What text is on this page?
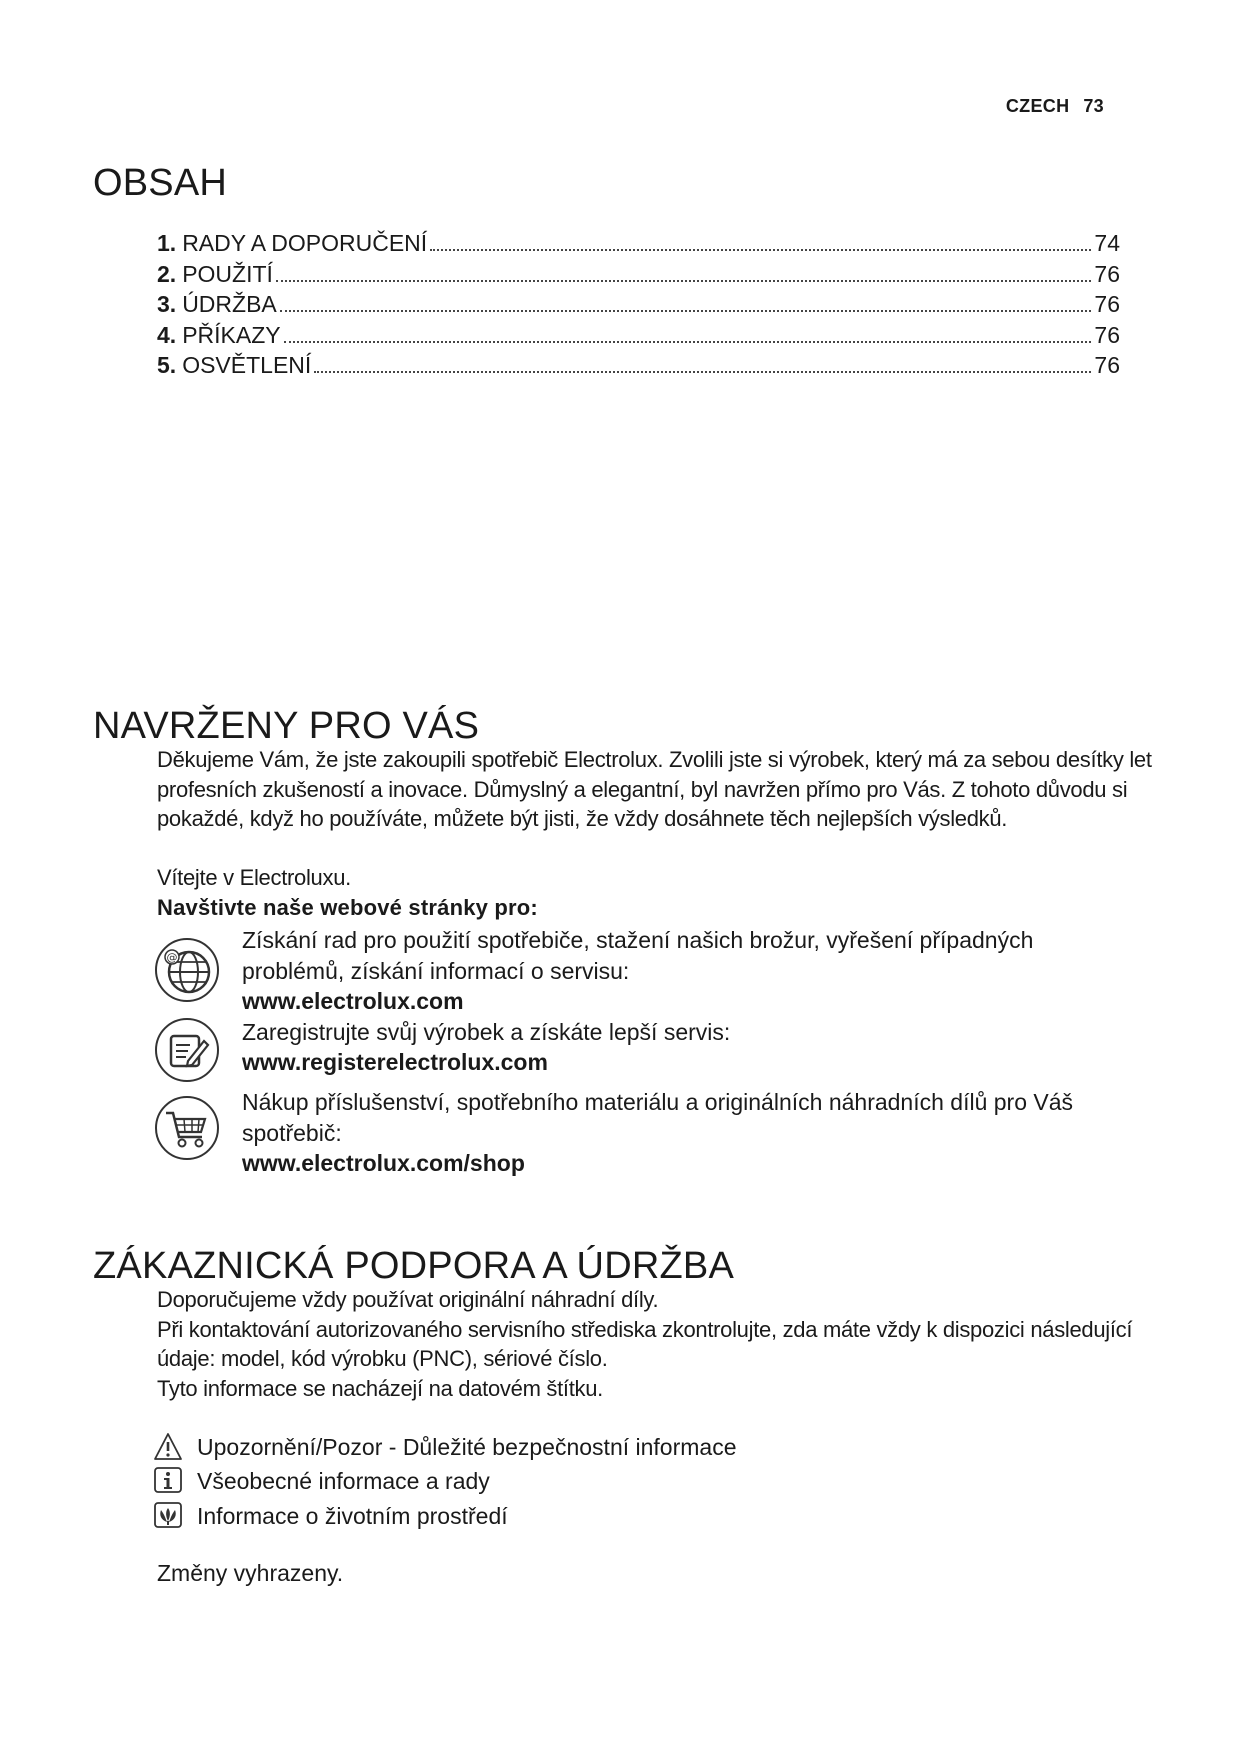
CZECH 73
OBSAH
1. RADY A DOPORUČENÍ	74
2. POUŽITÍ	76
3. ÚDRŽBA	76
4. PŘÍKAZY	76
5. OSVĚTLENÍ	76
NAVRŽENY PRO VÁS
Děkujeme Vám, že jste zakoupili spotřebič Electrolux. Zvolili jste si výrobek, který má za sebou desítky let profesních zkušeností a inovace. Důmyslný a elegantní, byl navržen přímo pro Vás. Z tohoto důvodu si pokaždé, když ho používáte, můžete být jisti, že vždy dosáhnete těch nejlepších výsledků.
Vítejte v Electroluxu.
Navštivte naše webové stránky pro:
@
Získání rad pro použití spotřebiče, stažení našich brožur, vyřešení případných problémů, získání informací o servisu:
www.electrolux.com
Zaregistrujte svůj výrobek a získáte lepší servis:
www.registerelectrolux.com
Nákup příslušenství, spotřebního materiálu a originálních náhradních dílů pro Váš spotřebič:
www.electrolux.com/shop
ZÁKAZNICKÁ PODPORA A ÚDRŽBA
Doporučujeme vždy používat originální náhradní díly.
Při kontaktování autorizovaného servisního střediska zkontrolujte, zda máte vždy k dispozici následující údaje: model, kód výrobku (PNC), sériové číslo.
Tyto informace se nacházejí na datovém štítku.
Upozornění/Pozor - Důležité bezpečnostní informace
Všeobecné informace a rady
Informace o životním prostředí
Změny vyhrazeny.
